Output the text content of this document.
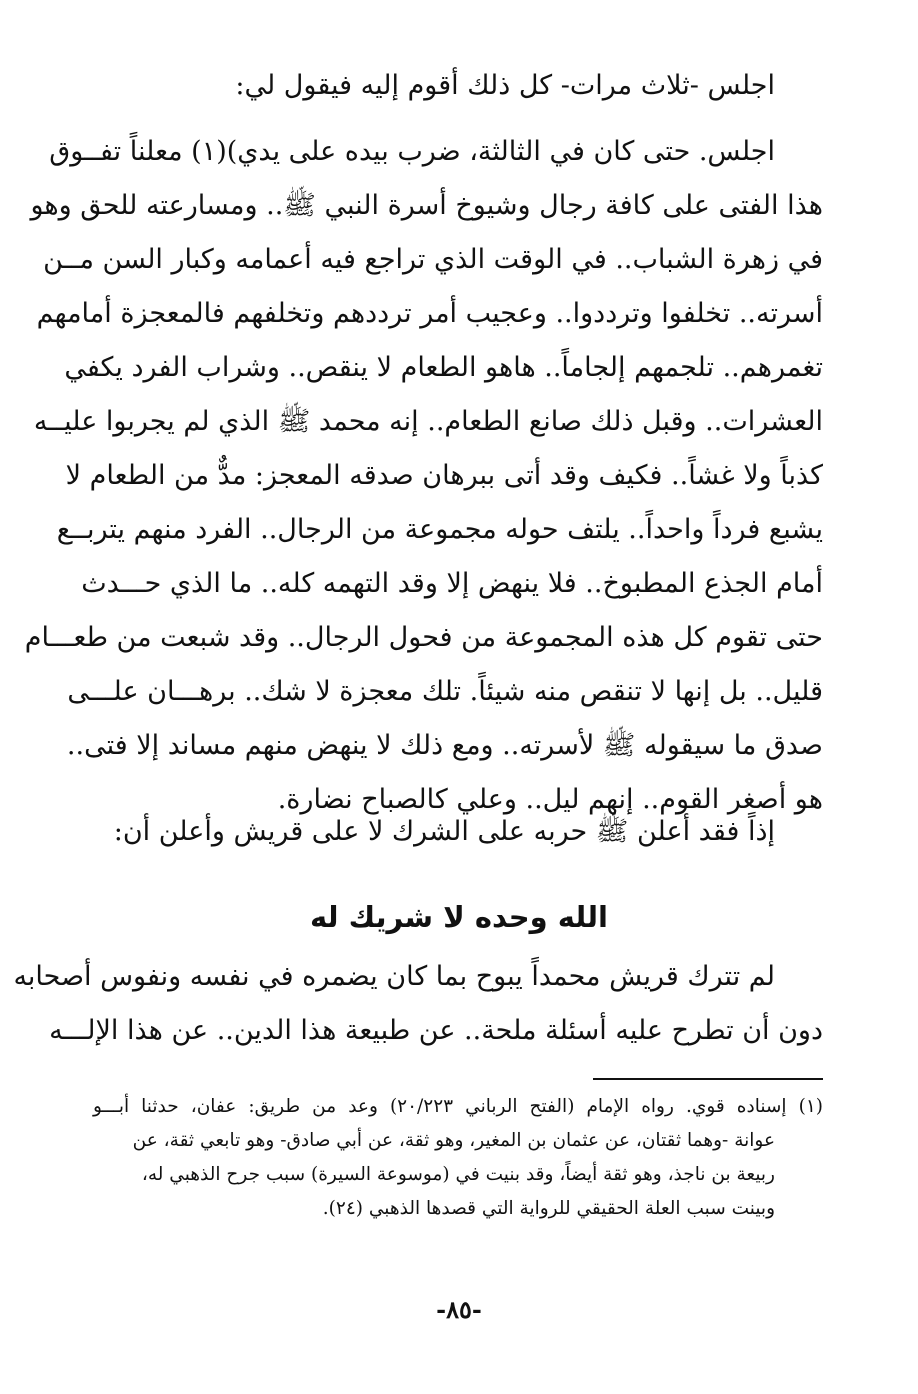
اجلس -ثلاث مرات- كل ذلك أقوم إليه فيقول لي:
اجلس. حتى كان في الثالثة، ضرب بيده على يدي)(١) معلناً تفــوق
هذا الفتى على كافة رجال وشيوخ أسرة النبي ﷺ.. ومسارعته للحق وهو
في زهرة الشباب.. في الوقت الذي تراجع فيه أعمامه وكبار السن مــن
أسرته.. تخلفوا وترددوا.. وعجيب أمر ترددهم وتخلفهم فالمعجزة أمامهم
تغمرهم.. تلجمهم إلجاماً.. هاهو الطعام لا ينقص.. وشراب الفرد يكفي
العشرات.. وقبل ذلك صانع الطعام.. إنه محمد ﷺ الذي لم يجربوا عليــه
كذباً ولا غشاً.. فكيف وقد أتى ببرهان صدقه المعجز: مدٌّ من الطعام لا
يشبع فرداً واحداً.. يلتف حوله مجموعة من الرجال.. الفرد منهم يتربــع
أمام الجذع المطبوخ.. فلا ينهض إلا وقد التهمه كله.. ما الذي حـــدث
حتى تقوم كل هذه المجموعة من فحول الرجال.. وقد شبعت من طعـــام
قليل.. بل إنها لا تنقص منه شيئاً. تلك معجزة لا شك.. برهـــان علـــى
صدق ما سيقوله ﷺ لأسرته.. ومع ذلك لا ينهض منهم مساند إلا فتى..
هو أصغر القوم.. إنهم ليل.. وعلي كالصباح نضارة.
إذاً فقد أعلن ﷺ حربه على الشرك لا على قريش وأعلن أن:
الله وحده لا شريك له
لم تترك قريش محمداً يبوح بما كان يضمره في نفسه ونفوس أصحابه
دون أن تطرح عليه أسئلة ملحة.. عن طبيعة هذا الدين.. عن هذا الإلـــه
(١) إسناده قوي. رواه الإمام (الفتح الرباني ٢٠/٢٢٣) وعد من طريق: عفان، حدثنا أبـــو
عوانة -وهما ثقتان، عن عثمان بن المغير، وهو ثقة، عن أبي صادق- وهو تابعي ثقة، عن
ربيعة بن ناجذ، وهو ثقة أيضاً، وقد بنيت في (موسوعة السيرة) سبب جرح الذهبي له،
وبينت سبب العلة الحقيقي للرواية التي قصدها الذهبي (٢٤).
-٨٥-
